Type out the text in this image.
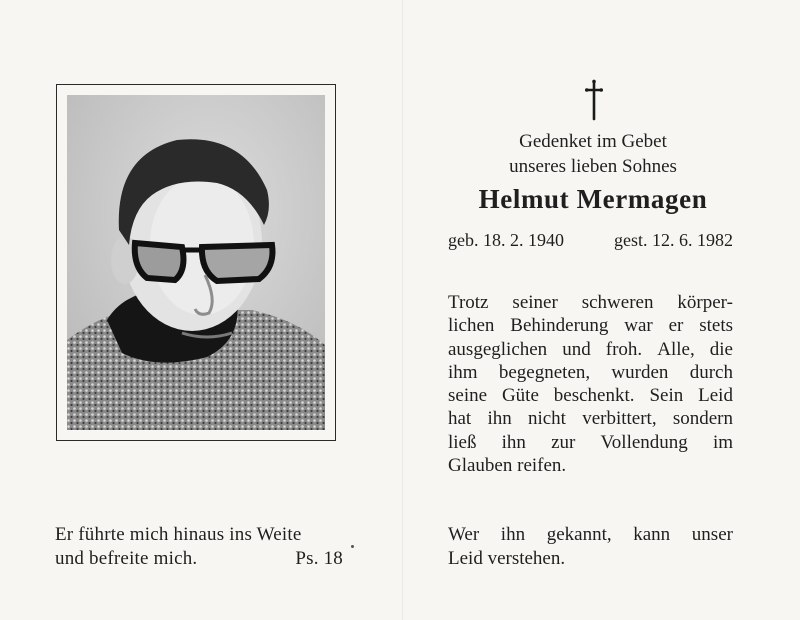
Er führte mich hinaus ins Weite
und befreite mich.	Ps. 18
Gedenket im Gebet
unseres lieben Sohnes
Helmut Mermagen
geb. 18. 2. 1940	gest. 12. 6. 1982
Trotz seiner schweren körper-
lichen Behinderung war er stets
ausgeglichen und froh. Alle, die
ihm begegneten, wurden durch
seine Güte beschenkt. Sein Leid
hat ihn nicht verbittert, sondern
ließ ihn zur Vollendung im
Glauben reifen.
Wer ihn gekannt, kann unser
Leid verstehen.
